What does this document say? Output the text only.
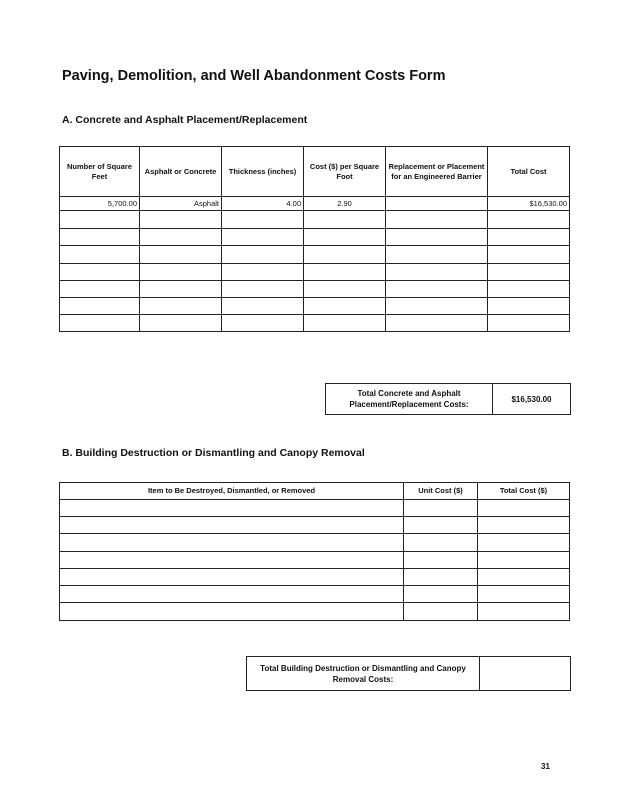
Paving, Demolition, and Well Abandonment Costs Form
A. Concrete and Asphalt Placement/Replacement
Number of Square Feet	Asphalt or Concrete	Thickness (inches)	Cost ($) per Square Foot	Replacement or Placement for an Engineered Barrier	Total Cost
5,700.00	Asphalt	4.00	2.90		$16,530.00

Total Concrete and Asphalt Placement/Replacement Costs:
$16,530.00
B. Building Destruction or Dismantling and Canopy Removal
Item to Be Destroyed, Dismantled, or Removed	Unit Cost ($)	Total Cost ($)

Total Building Destruction or Dismantling and Canopy Removal Costs:
31
